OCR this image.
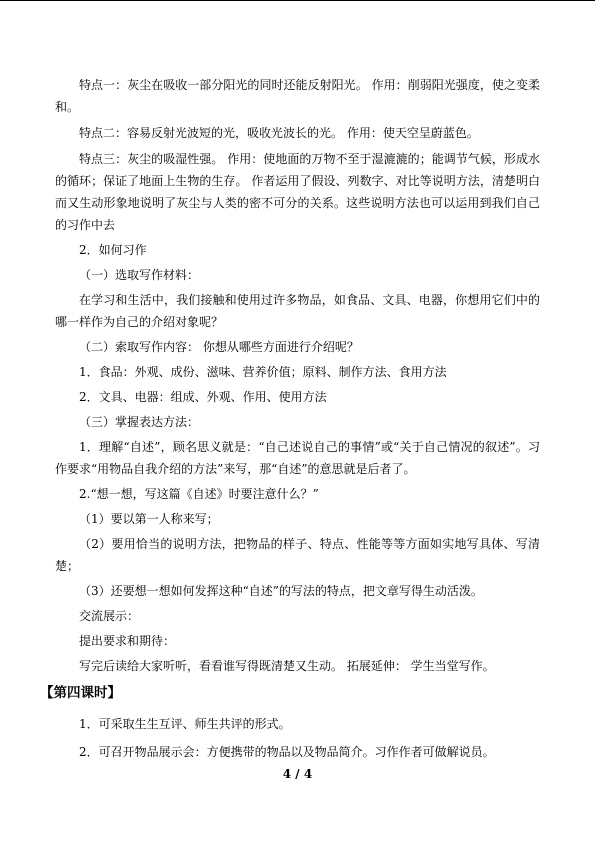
特点一：灰尘在吸收一部分阳光的同时还能反射阳光。 作用：削弱阳光强度，使之变柔和。

特点二：容易反射光波短的光，吸收光波长的光。 作用：使天空呈蔚蓝色。

特点三：灰尘的吸湿性强。 作用：使地面的万物不至于湿漉漉的；能调节气候，形成水的循环；保证了地面上生物的生存。 作者运用了假设、列数字、对比等说明方法，清楚明白而又生动形象地说明了灰尘与人类的密不可分的关系。这些说明方法也可以运用到我们自己的习作中去

2．如何习作

（一）选取写作材料：

在学习和生活中，我们接触和使用过许多物品，如食品、文具、电器，你想用它们中的哪一样作为自己的介绍对象呢？

（二）索取写作内容： 你想从哪些方面进行介绍呢？

1．食品：外观、成份、滋味、营养价值；原料、制作方法、食用方法

2．文具、电器：组成、外观、作用、使用方法

（三）掌握表达方法：

1．理解“自述”，顾名思义就是：“自己述说自己的事情”或“关于自己情况的叙述”。习作要求“用物品自我介绍的方法”来写，那“自述”的意思就是后者了。

2.“想一想，写这篇《自述》时要注意什么？”

（1）要以第一人称来写；

（2）要用恰当的说明方法，把物品的样子、特点、性能等等方面如实地写具体、写清楚；

（3）还要想一想如何发挥这种“自述”的写法的特点，把文章写得生动活泼。

交流展示：

提出要求和期待：

写完后读给大家听听，看看谁写得既清楚又生动。 拓展延伸： 学生当堂写作。

【第四课时】

1．可采取生生互评、师生共评的形式。

2．可召开物品展示会：方便携带的物品以及物品简介。习作作者可做解说员。

4 / 4
